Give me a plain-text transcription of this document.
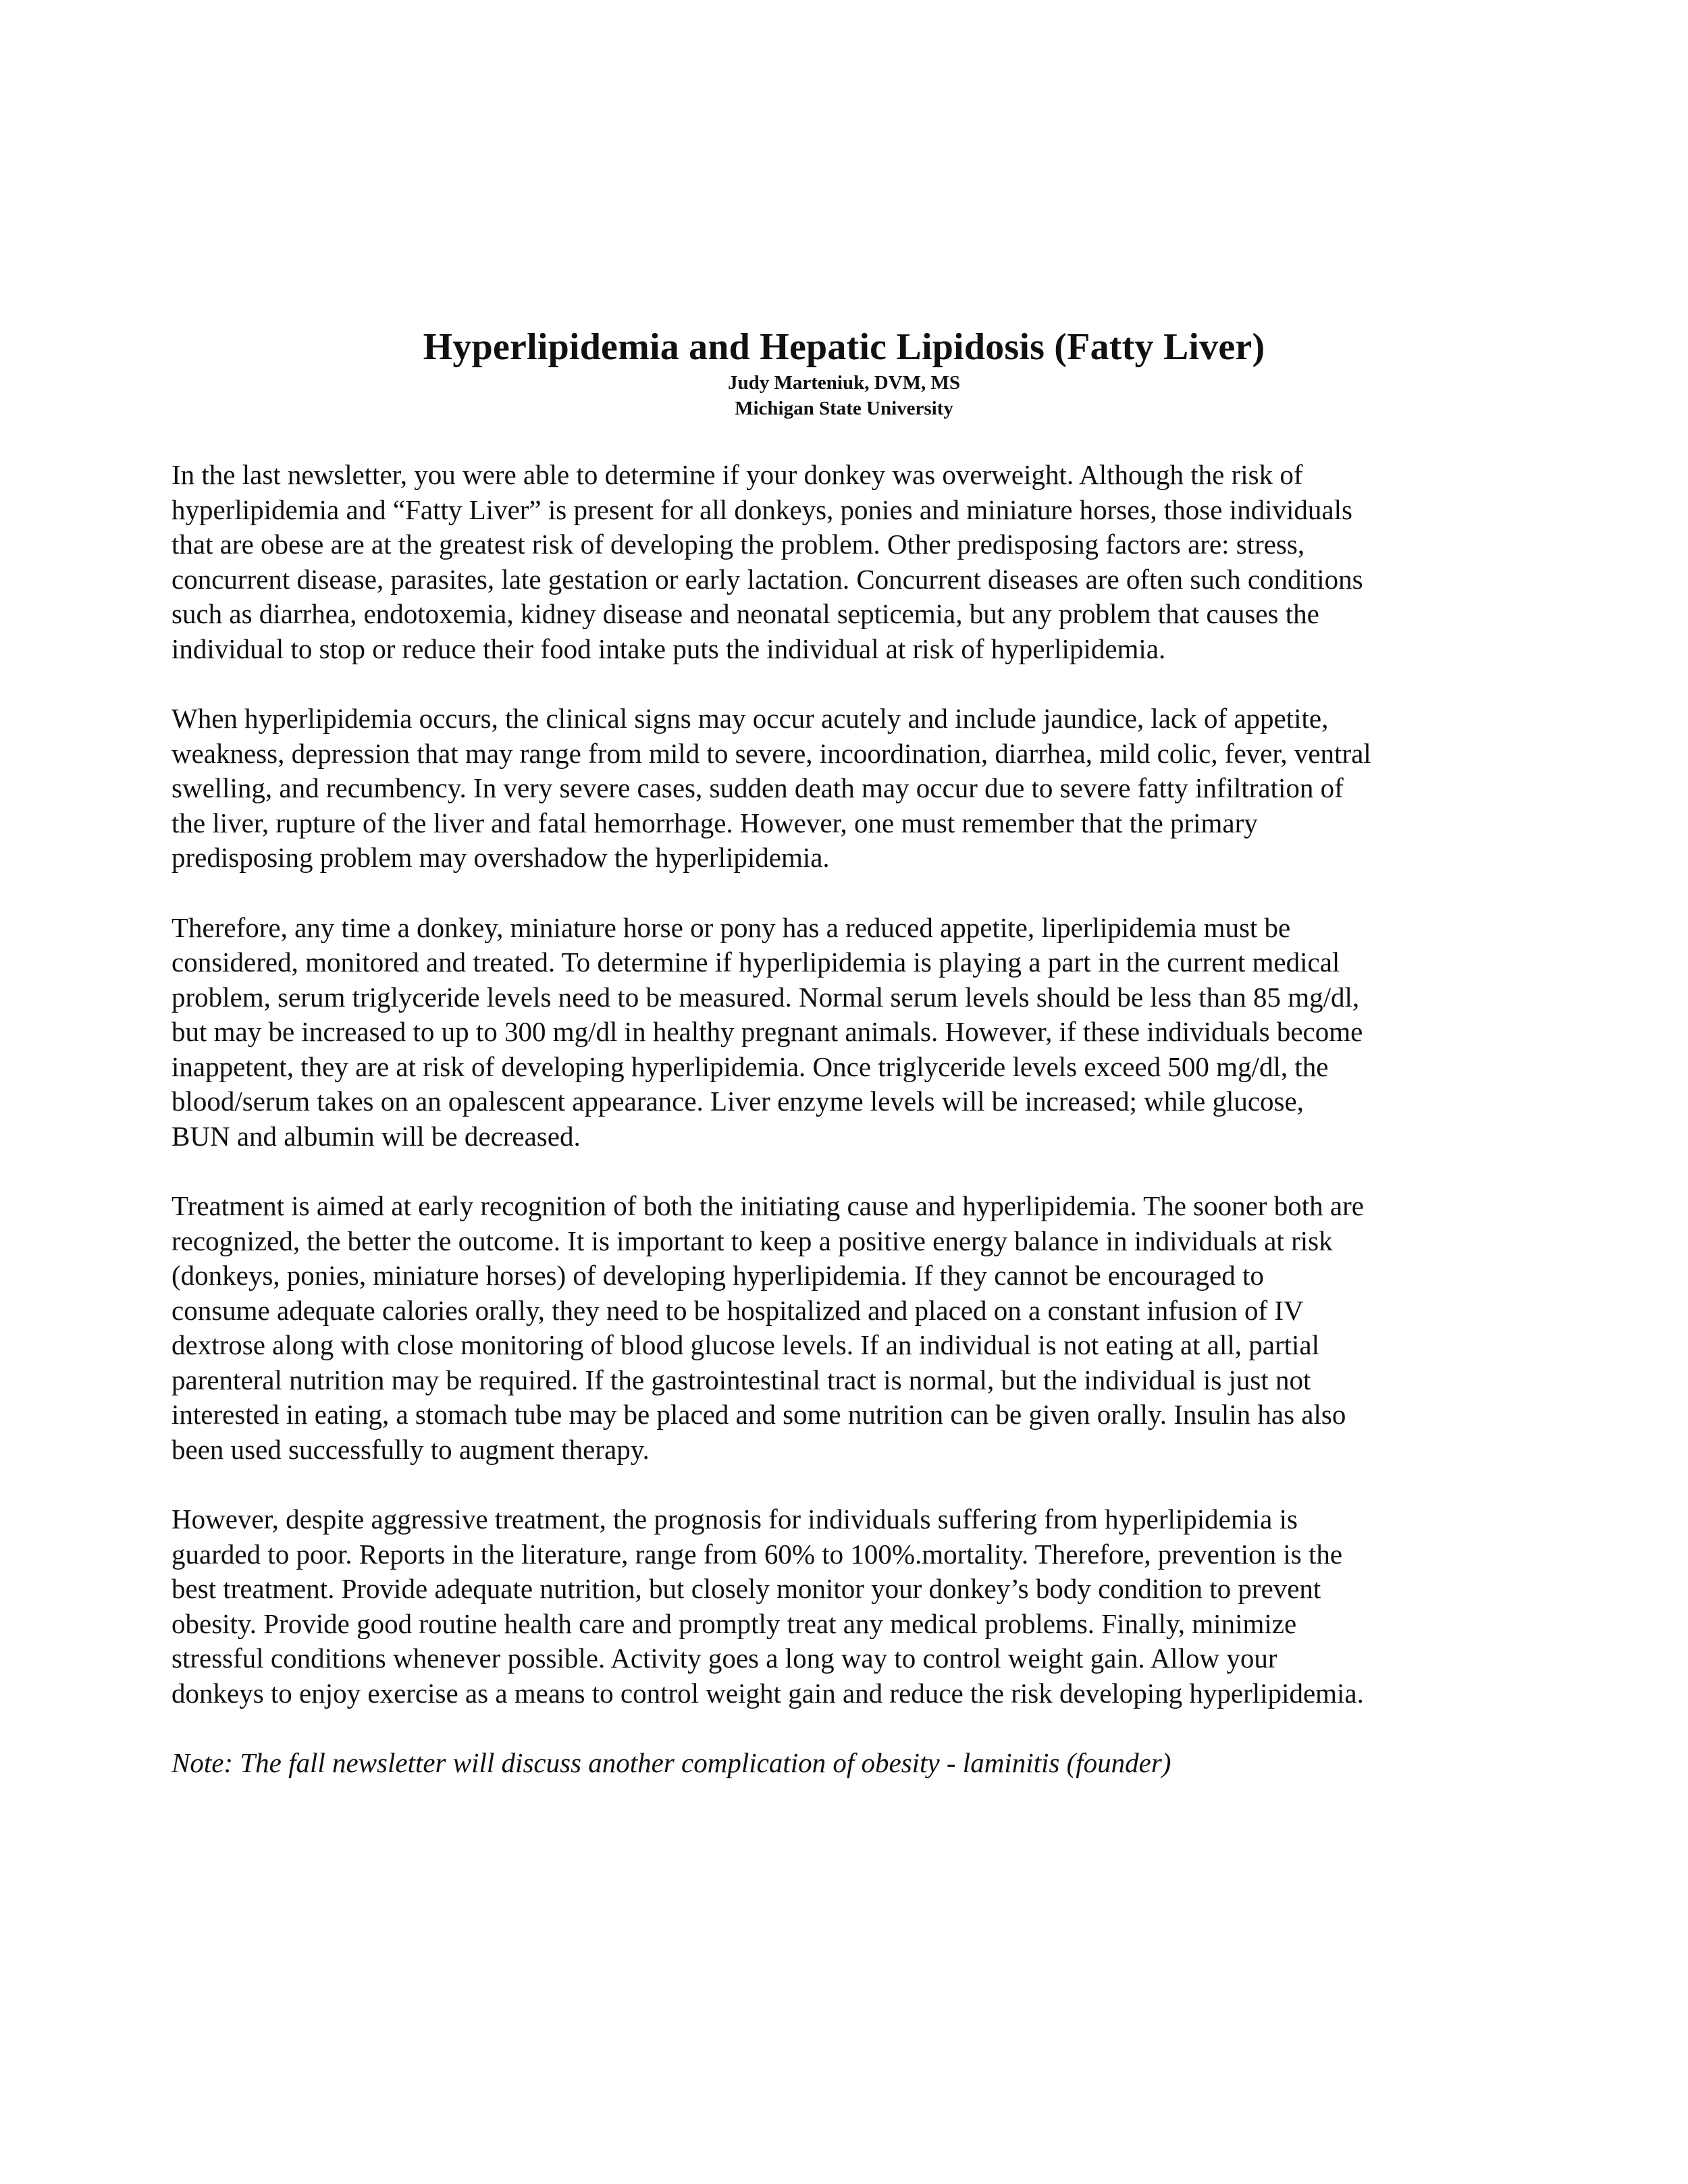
Hyperlipidemia and Hepatic Lipidosis (Fatty Liver)

Judy Marteniuk, DVM, MS

Michigan State University

In the last newsletter, you were able to determine if your donkey was overweight. Although the risk of
hyperlipidemia and “Fatty Liver” is present for all donkeys, ponies and miniature horses, those individuals
that are obese are at the greatest risk of developing the problem. Other predisposing factors are: stress,
concurrent disease, parasites, late gestation or early lactation. Concurrent diseases are often such conditions
such as diarrhea, endotoxemia, kidney disease and neonatal septicemia, but any problem that causes the
individual to stop or reduce their food intake puts the individual at risk of hyperlipidemia.

When hyperlipidemia occurs, the clinical signs may occur acutely and include jaundice, lack of appetite,
weakness, depression that may range from mild to severe, incoordination, diarrhea, mild colic, fever, ventral
swelling, and recumbency. In very severe cases, sudden death may occur due to severe fatty infiltration of
the liver, rupture of the liver and fatal hemorrhage. However, one must remember that the primary
predisposing problem may overshadow the hyperlipidemia.

Therefore, any time a donkey, miniature horse or pony has a reduced appetite, liperlipidemia must be
considered, monitored and treated. To determine if hyperlipidemia is playing a part in the current medical
problem, serum triglyceride levels need to be measured. Normal serum levels should be less than 85 mg/dl,
but may be increased to up to 300 mg/dl in healthy pregnant animals. However, if these individuals become
inappetent, they are at risk of developing hyperlipidemia. Once triglyceride levels exceed 500 mg/dl, the
blood/serum takes on an opalescent appearance. Liver enzyme levels will be increased; while glucose,
BUN and albumin will be decreased.

Treatment is aimed at early recognition of both the initiating cause and hyperlipidemia. The sooner both are
recognized, the better the outcome. It is important to keep a positive energy balance in individuals at risk
(donkeys, ponies, miniature horses) of developing hyperlipidemia. If they cannot be encouraged to
consume adequate calories orally, they need to be hospitalized and placed on a constant infusion of IV
dextrose along with close monitoring of blood glucose levels. If an individual is not eating at all, partial
parenteral nutrition may be required. If the gastrointestinal tract is normal, but the individual is just not
interested in eating, a stomach tube may be placed and some nutrition can be given orally. Insulin has also
been used successfully to augment therapy.

However, despite aggressive treatment, the prognosis for individuals suffering from hyperlipidemia is
guarded to poor. Reports in the literature, range from 60% to 100%.mortality. Therefore, prevention is the
best treatment. Provide adequate nutrition, but closely monitor your donkey’s body condition to prevent
obesity. Provide good routine health care and promptly treat any medical problems. Finally, minimize
stressful conditions whenever possible. Activity goes a long way to control weight gain. Allow your
donkeys to enjoy exercise as a means to control weight gain and reduce the risk developing hyperlipidemia.

Note: The fall newsletter will discuss another complication of obesity - laminitis (founder)
